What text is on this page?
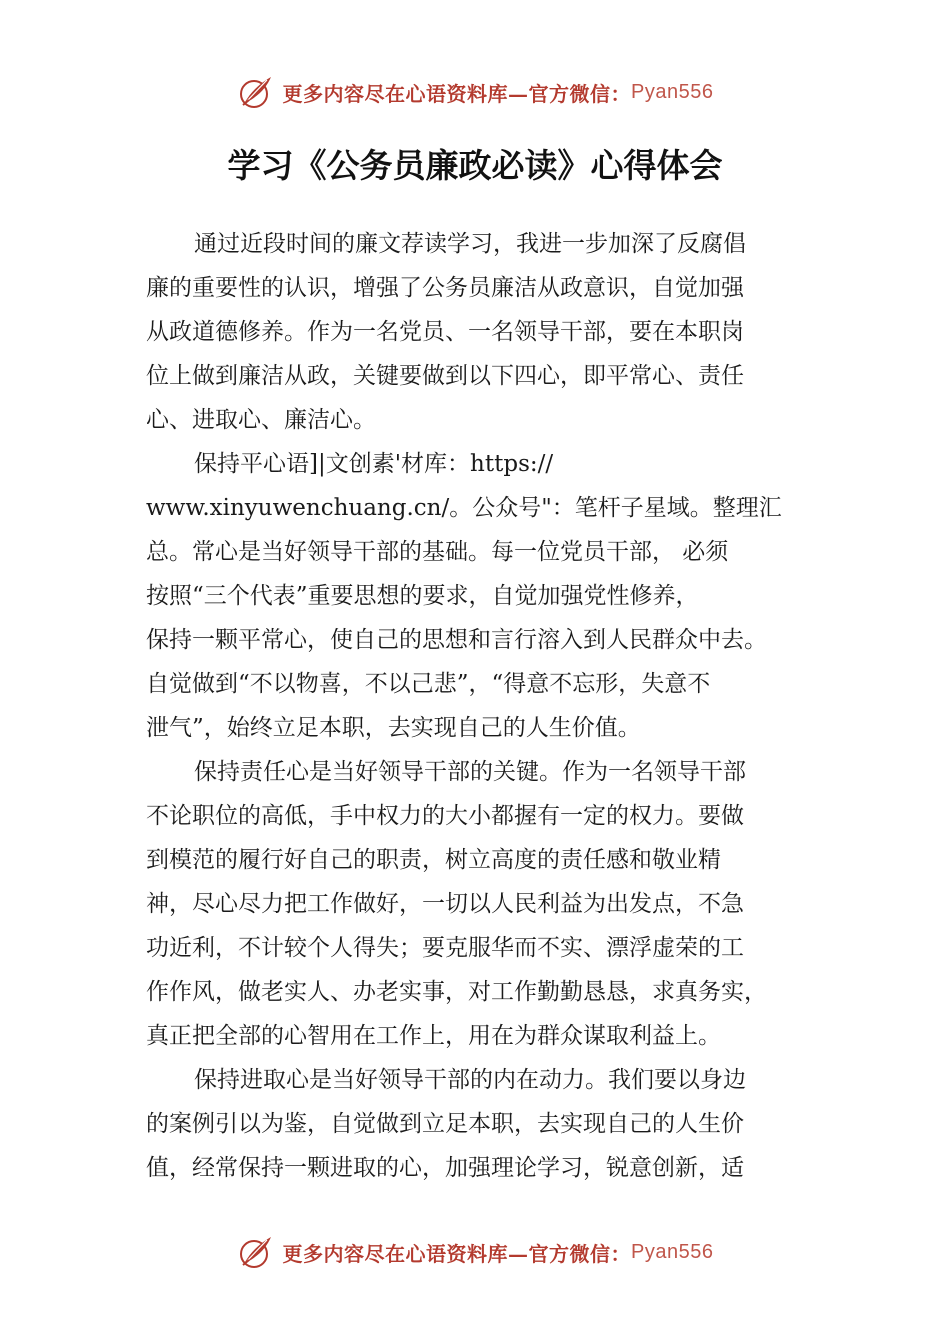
更多内容尽在心语资料库—官方微信： Pyan556
学习《公务员廉政必读》心得体会
通过近段时间的廉文荐读学习，我进一步加深了反腐倡
廉的重要性的认识，增强了公务员廉洁从政意识，自觉加强
从政道德修养。作为一名党员、一名领导干部，要在本职岗
位上做到廉洁从政，关键要做到以下四心，即平常心、责任
心、进取心、廉洁心。
保持平心语]|文创素'材库：https://
www.xinyuwenchuang.cn/。公众号"：笔杆子星域。整理汇
总。常心是当好领导干部的基础。每一位党员干部， 必须
按照“三个代表”重要思想的要求，自觉加强党性修养，
保持一颗平常心，使自己的思想和言行溶入到人民群众中去。
自觉做到“不以物喜，不以己悲”，“得意不忘形，失意不
泄气”，始终立足本职，去实现自己的人生价值。
保持责任心是当好领导干部的关键。作为一名领导干部
不论职位的高低，手中权力的大小都握有一定的权力。要做
到模范的履行好自己的职责，树立高度的责任感和敬业精
神，尽心尽力把工作做好，一切以人民利益为出发点，不急
功近利，不计较个人得失；要克服华而不实、漂浮虚荣的工
作作风，做老实人、办老实事，对工作勤勤恳恳，求真务实，
真正把全部的心智用在工作上，用在为群众谋取利益上。
保持进取心是当好领导干部的内在动力。我们要以身边
的案例引以为鉴，自觉做到立足本职，去实现自己的人生价
值，经常保持一颗进取的心，加强理论学习，锐意创新，适
更多内容尽在心语资料库—官方微信： Pyan556
